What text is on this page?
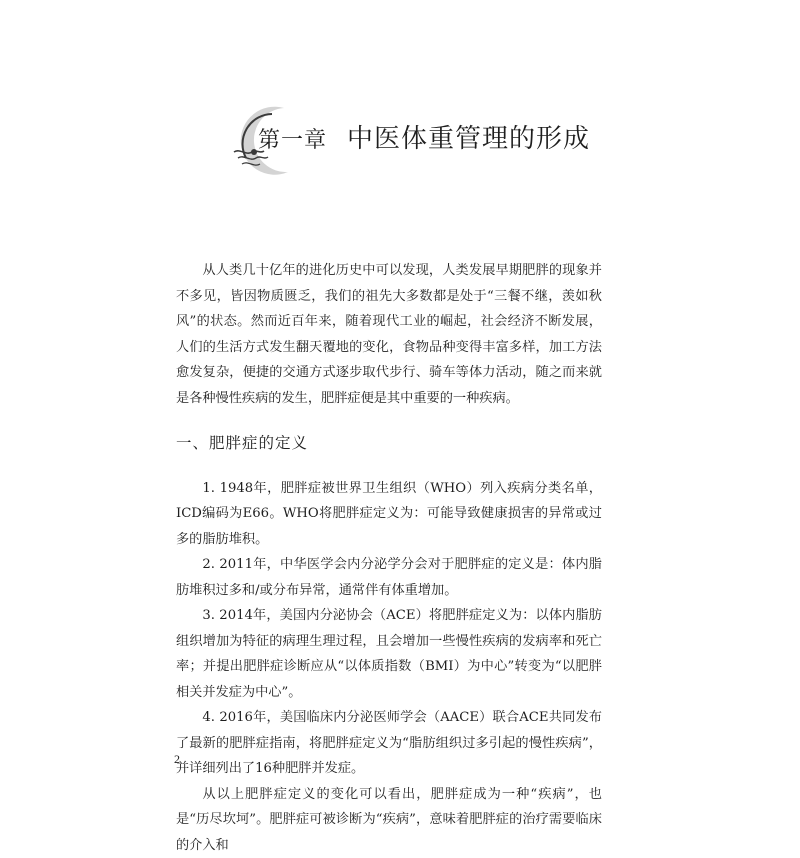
第一章 中医体重管理的形成

从人类几十亿年的进化历史中可以发现，人类发展早期肥胖的现象并不多见，皆因物质匮乏，我们的祖先大多数都是处于“三餐不继，羡如秋风”的状态。然而近百年来，随着现代工业的崛起，社会经济不断发展，人们的生活方式发生翻天覆地的变化，食物品种变得丰富多样，加工方法愈发复杂，便捷的交通方式逐步取代步行、骑车等体力活动，随之而来就是各种慢性疾病的发生，肥胖症便是其中重要的一种疾病。

一、肥胖症的定义

1. 1948年，肥胖症被世界卫生组织（WHO）列入疾病分类名单，ICD编码为E66。WHO将肥胖症定义为：可能导致健康损害的异常或过多的脂肪堆积。

2. 2011年，中华医学会内分泌学分会对于肥胖症的定义是：体内脂肪堆积过多和/或分布异常，通常伴有体重增加。

3. 2014年，美国内分泌协会（ACE）将肥胖症定义为：以体内脂肪组织增加为特征的病理生理过程，且会增加一些慢性疾病的发病率和死亡率；并提出肥胖症诊断应从“以体质指数（BMI）为中心”转变为“以肥胖相关并发症为中心”。

4. 2016年，美国临床内分泌医师学会（AACE）联合ACE共同发布了最新的肥胖症指南，将肥胖症定义为“脂肪组织过多引起的慢性疾病”，并详细列出了16种肥胖并发症。

从以上肥胖症定义的变化可以看出，肥胖症成为一种“疾病”，也是“历尽坎坷”。肥胖症可被诊断为“疾病”，意味着肥胖症的治疗需要临床的介入和

2
